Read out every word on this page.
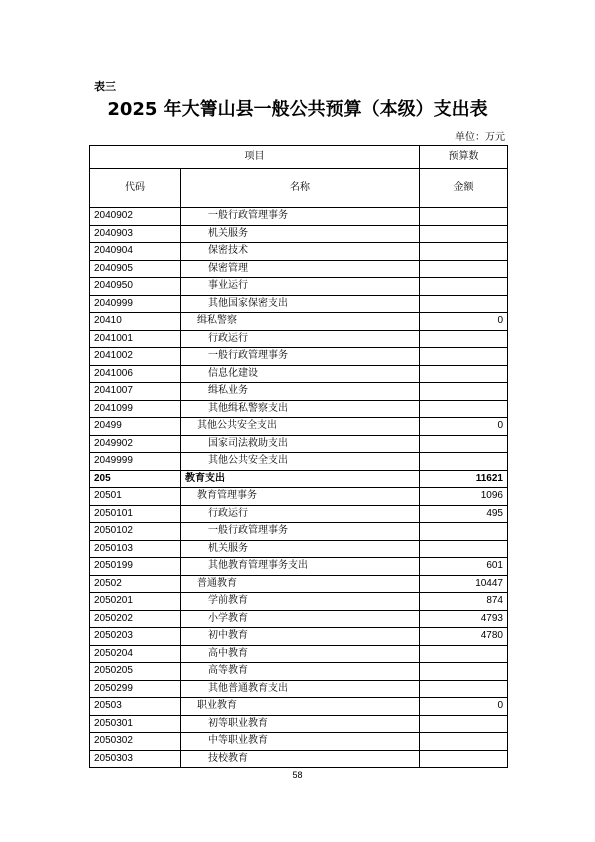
表三
2025 年大箐山县一般公共预算（本级）支出表
单位：万元
项目		预算数
代码	名称	金额
2040902	一般行政管理事务	
2040903	机关服务	
2040904	保密技术	
2040905	保密管理	
2040950	事业运行	
2040999	其他国家保密支出	
20410	缉私警察	0
2041001	行政运行	
2041002	一般行政管理事务	
2041006	信息化建设	
2041007	缉私业务	
2041099	其他缉私警察支出	
20499	其他公共安全支出	0
2049902	国家司法救助支出	
2049999	其他公共安全支出	
205	教育支出	11621
20501	教育管理事务	1096
2050101	行政运行	495
2050102	一般行政管理事务	
2050103	机关服务	
2050199	其他教育管理事务支出	601
20502	普通教育	10447
2050201	学前教育	874
2050202	小学教育	4793
2050203	初中教育	4780
2050204	高中教育	
2050205	高等教育	
2050299	其他普通教育支出	
20503	职业教育	0
2050301	初等职业教育	
2050302	中等职业教育	
2050303	技校教育	
58
